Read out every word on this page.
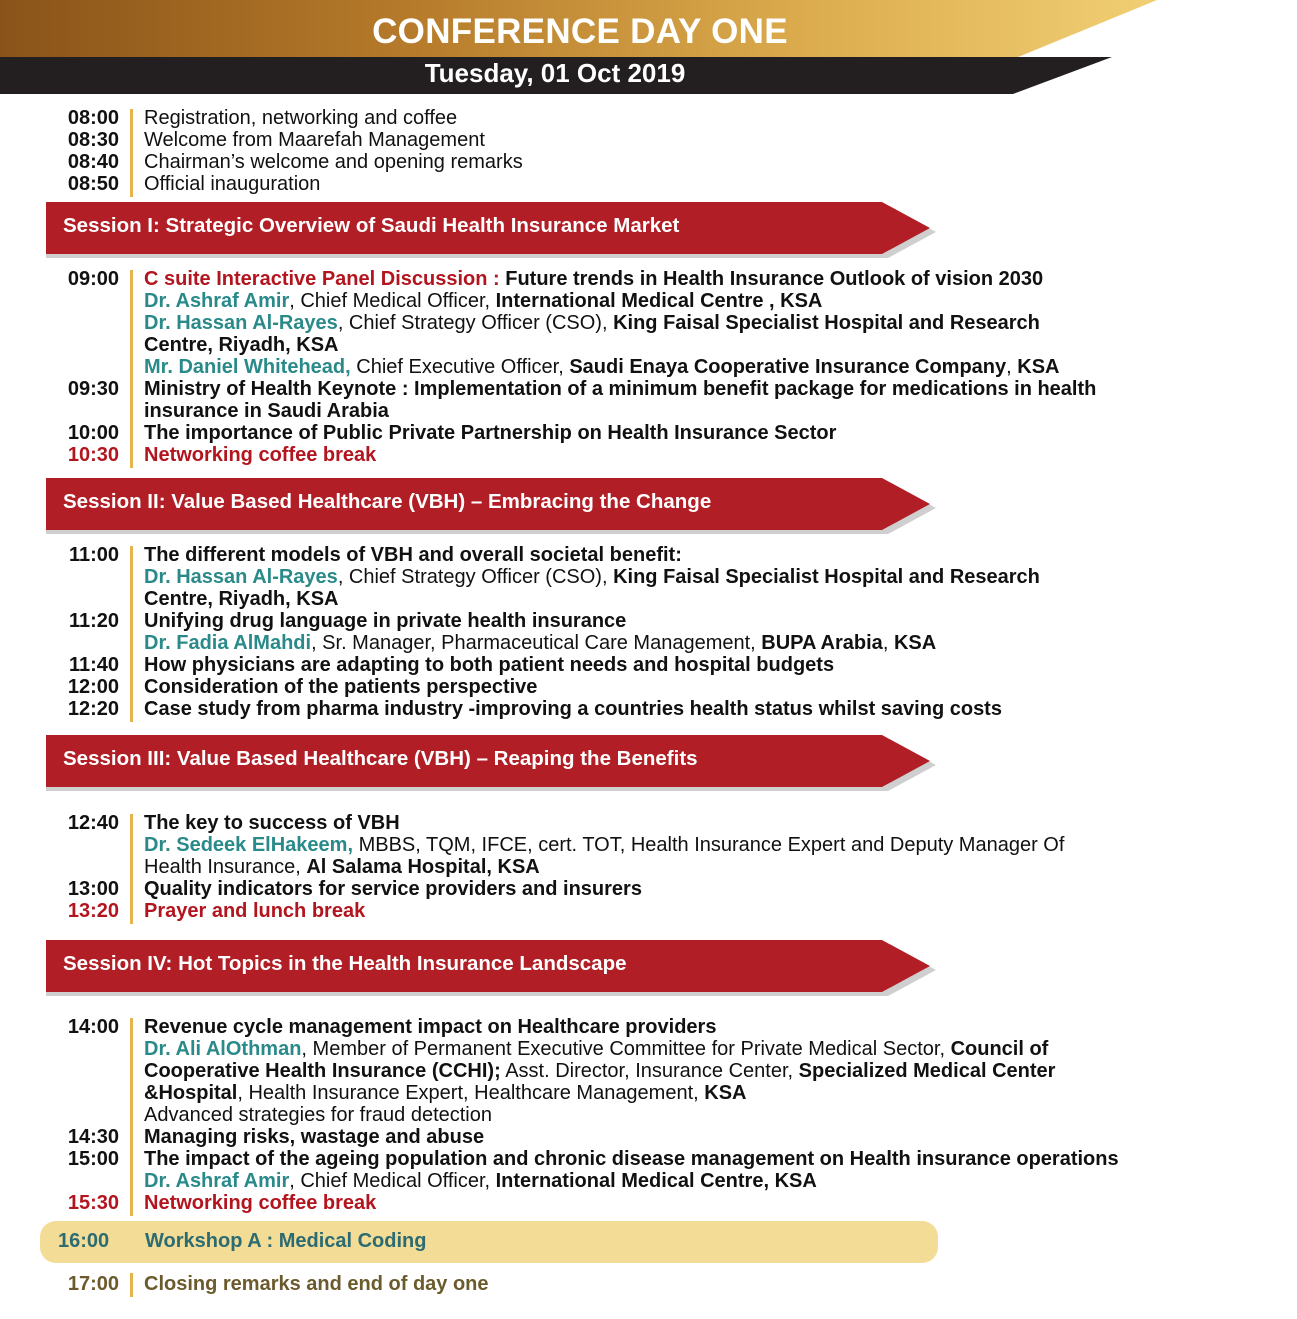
CONFERENCE DAY ONE
Tuesday, 01 Oct 2019
08:00 Registration, networking and coffee
08:30 Welcome from Maarefah Management
08:40 Chairman’s welcome and opening remarks
08:50 Official inauguration
Session I: Strategic Overview of Saudi Health Insurance Market
09:00 C suite Interactive Panel Discussion : Future trends in Health Insurance Outlook of vision 2030
Dr. Ashraf Amir, Chief Medical Officer, International Medical Centre , KSA
Dr. Hassan Al-Rayes, Chief Strategy Officer (CSO), King Faisal Specialist Hospital and Research
Centre, Riyadh, KSA
Mr. Daniel Whitehead, Chief Executive Officer, Saudi Enaya Cooperative Insurance Company, KSA
09:30 Ministry of Health Keynote : Implementation of a minimum benefit package for medications in health
insurance in Saudi Arabia
10:00 The importance of Public Private Partnership on Health Insurance Sector
10:30 Networking coffee break
Session II: Value Based Healthcare (VBH) – Embracing the Change
11:00 The different models of VBH and overall societal benefit:
Dr. Hassan Al-Rayes, Chief Strategy Officer (CSO), King Faisal Specialist Hospital and Research
Centre, Riyadh, KSA
11:20 Unifying drug language in private health insurance
Dr. Fadia AlMahdi, Sr. Manager, Pharmaceutical Care Management, BUPA Arabia, KSA
11:40 How physicians are adapting to both patient needs and hospital budgets
12:00 Consideration of the patients perspective
12:20 Case study from pharma industry -improving a countries health status whilst saving costs
Session III: Value Based Healthcare (VBH) – Reaping the Benefits
12:40 The key to success of VBH
Dr. Sedeek ElHakeem, MBBS, TQM, IFCE, cert. TOT, Health Insurance Expert and Deputy Manager Of
Health Insurance, Al Salama Hospital, KSA
13:00 Quality indicators for service providers and insurers
13:20 Prayer and lunch break
Session IV: Hot Topics in the Health Insurance Landscape
14:00 Revenue cycle management impact on Healthcare providers
Dr. Ali AlOthman, Member of Permanent Executive Committee for Private Medical Sector, Council of
Cooperative Health Insurance (CCHI); Asst. Director, Insurance Center, Specialized Medical Center
&Hospital, Health Insurance Expert, Healthcare Management, KSA
Advanced strategies for fraud detection
14:30 Managing risks, wastage and abuse
15:00 The impact of the ageing population and chronic disease management on Health insurance operations
Dr. Ashraf Amir, Chief Medical Officer, International Medical Centre, KSA
15:30 Networking coffee break
16:00 Workshop A : Medical Coding
17:00 Closing remarks and end of day one
